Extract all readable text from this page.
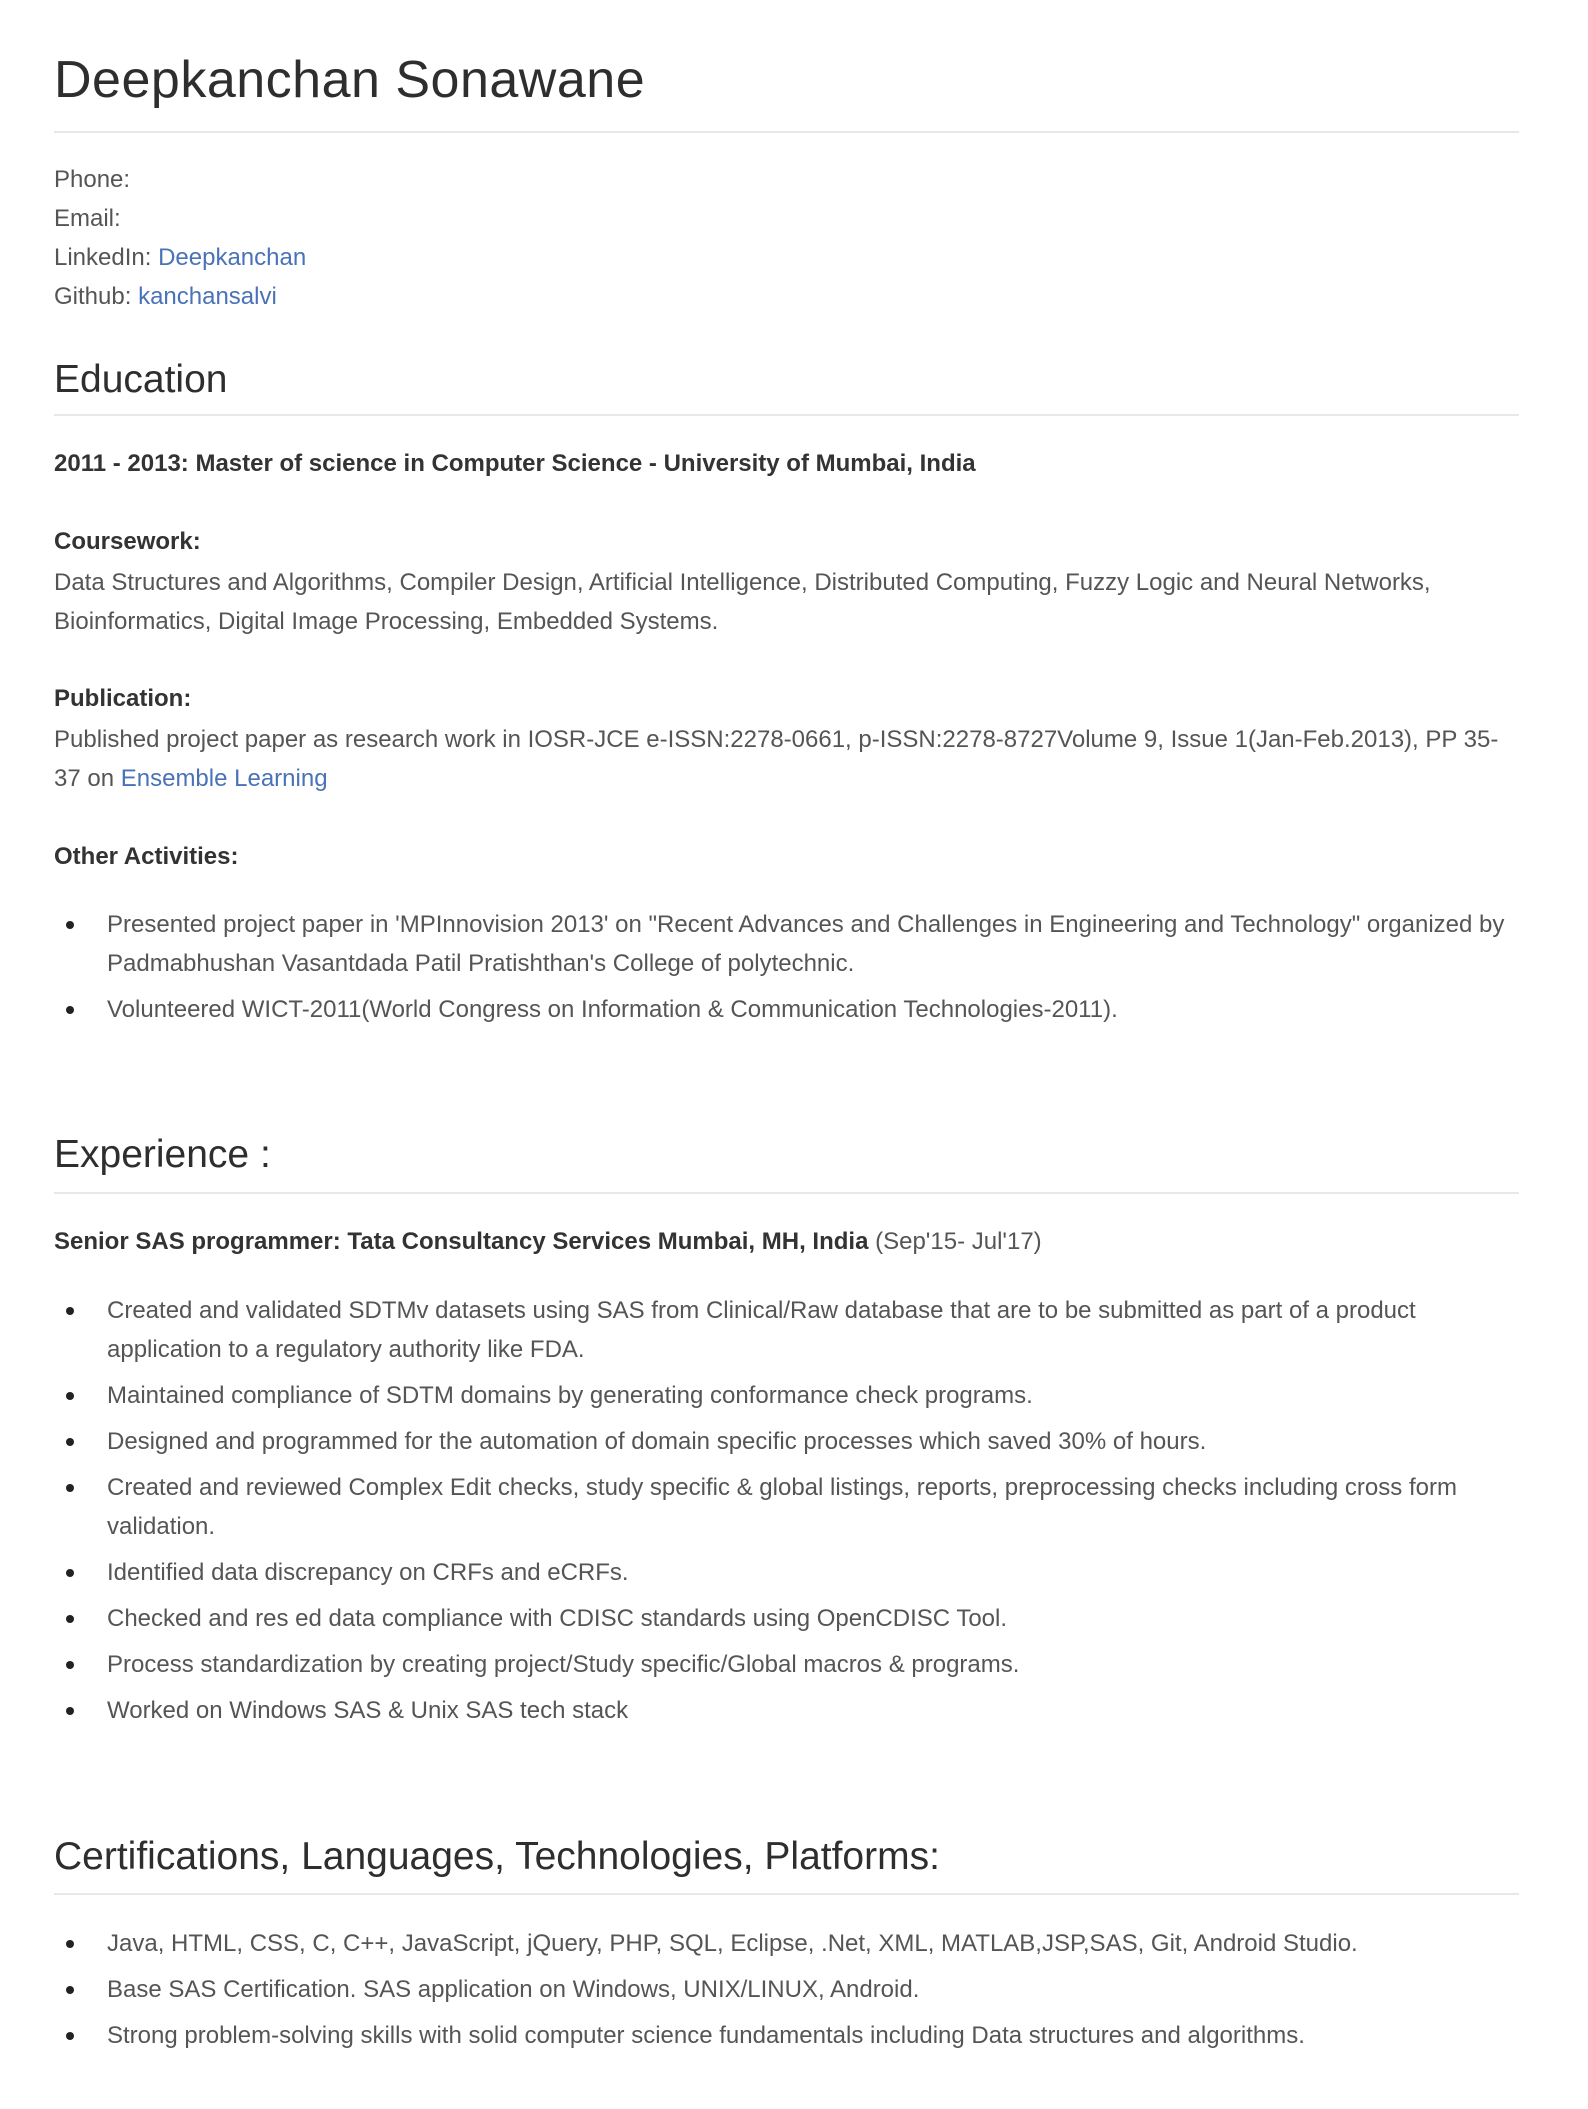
Deepkanchan Sonawane
Phone:
Email:
LinkedIn: Deepkanchan
Github: kanchansalvi
Education
2011 - 2013: Master of science in Computer Science - University of Mumbai, India
Coursework:
Data Structures and Algorithms, Compiler Design, Artificial Intelligence, Distributed Computing, Fuzzy Logic and Neural Networks, Bioinformatics, Digital Image Processing, Embedded Systems.
Publication:
Published project paper as research work in IOSR-JCE e-ISSN:2278-0661, p-ISSN:2278-8727Volume 9, Issue 1(Jan-Feb.2013), PP 35-37 on Ensemble Learning
Other Activities:
Presented project paper in 'MPInnovision 2013' on "Recent Advances and Challenges in Engineering and Technology" organized by Padmabhushan Vasantdada Patil Pratishthan's College of polytechnic.
Volunteered WICT-2011(World Congress on Information & Communication Technologies-2011).
Experience :
Senior SAS programmer: Tata Consultancy Services Mumbai, MH, India (Sep'15- Jul'17)
Created and validated SDTMv datasets using SAS from Clinical/Raw database that are to be submitted as part of a product application to a regulatory authority like FDA.
Maintained compliance of SDTM domains by generating conformance check programs.
Designed and programmed for the automation of domain specific processes which saved 30% of hours.
Created and reviewed Complex Edit checks, study specific & global listings, reports, preprocessing checks including cross form validation.
Identified data discrepancy on CRFs and eCRFs.
Checked and res ed data compliance with CDISC standards using OpenCDISC Tool.
Process standardization by creating project/Study specific/Global macros & programs.
Worked on Windows SAS & Unix SAS tech stack
Certifications, Languages, Technologies, Platforms:
Java, HTML, CSS, C, C++, JavaScript, jQuery, PHP, SQL, Eclipse, .Net, XML, MATLAB,JSP,SAS, Git, Android Studio.
Base SAS Certification. SAS application on Windows, UNIX/LINUX, Android.
Strong problem-solving skills with solid computer science fundamentals including Data structures and algorithms.
